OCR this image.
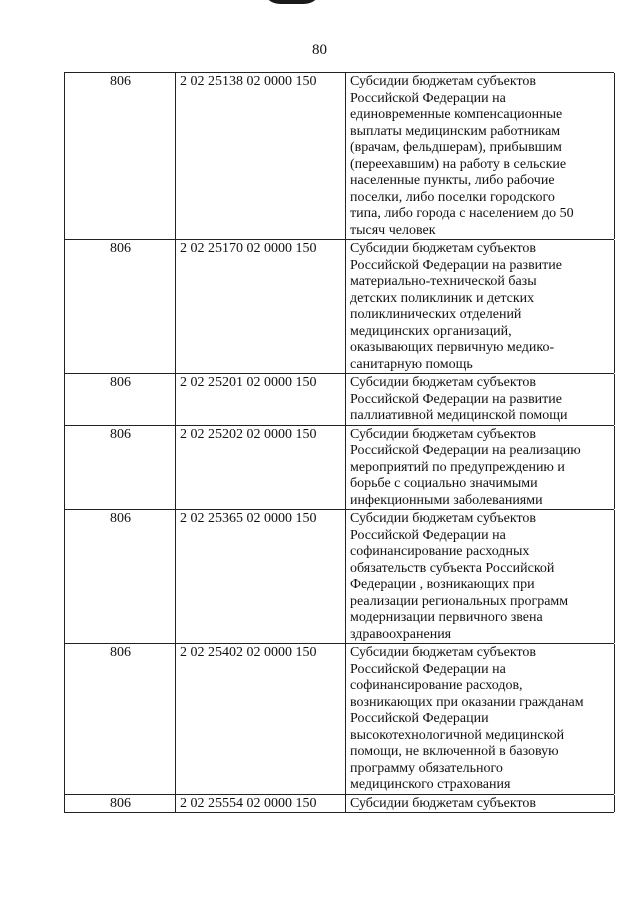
80
806	2 02 25138 02 0000 150	Субсидии бюджетам субъектов
Российской Федерации на
единовременные компенсационные
выплаты медицинским работникам
(врачам, фельдшерам), прибывшим
(переехавшим) на работу в сельские
населенные пункты, либо рабочие
поселки, либо поселки городского
типа, либо города с населением до 50
тысяч человек
806	2 02 25170 02 0000 150	Субсидии бюджетам субъектов
Российской Федерации на развитие
материально-технической базы
детских поликлиник и детских
поликлинических отделений
медицинских организаций,
оказывающих первичную медико-
санитарную помощь
806	2 02 25201 02 0000 150	Субсидии бюджетам субъектов
Российской Федерации на развитие
паллиативной медицинской помощи
806	2 02 25202 02 0000 150	Субсидии бюджетам субъектов
Российской Федерации на реализацию
мероприятий по предупреждению и
борьбе с социально значимыми
инфекционными заболеваниями
806	2 02 25365 02 0000 150	Субсидии бюджетам субъектов
Российской Федерации на
софинансирование расходных
обязательств субъекта Российской
Федерации , возникающих при
реализации региональных программ
модернизации первичного звена
здравоохранения
806	2 02 25402 02 0000 150	Субсидии бюджетам субъектов
Российской Федерации на
софинансирование расходов,
возникающих при оказании гражданам
Российской Федерации
высокотехнологичной медицинской
помощи, не включенной в базовую
программу обязательного
медицинского страхования
806	2 02 25554 02 0000 150	Субсидии бюджетам субъектов
